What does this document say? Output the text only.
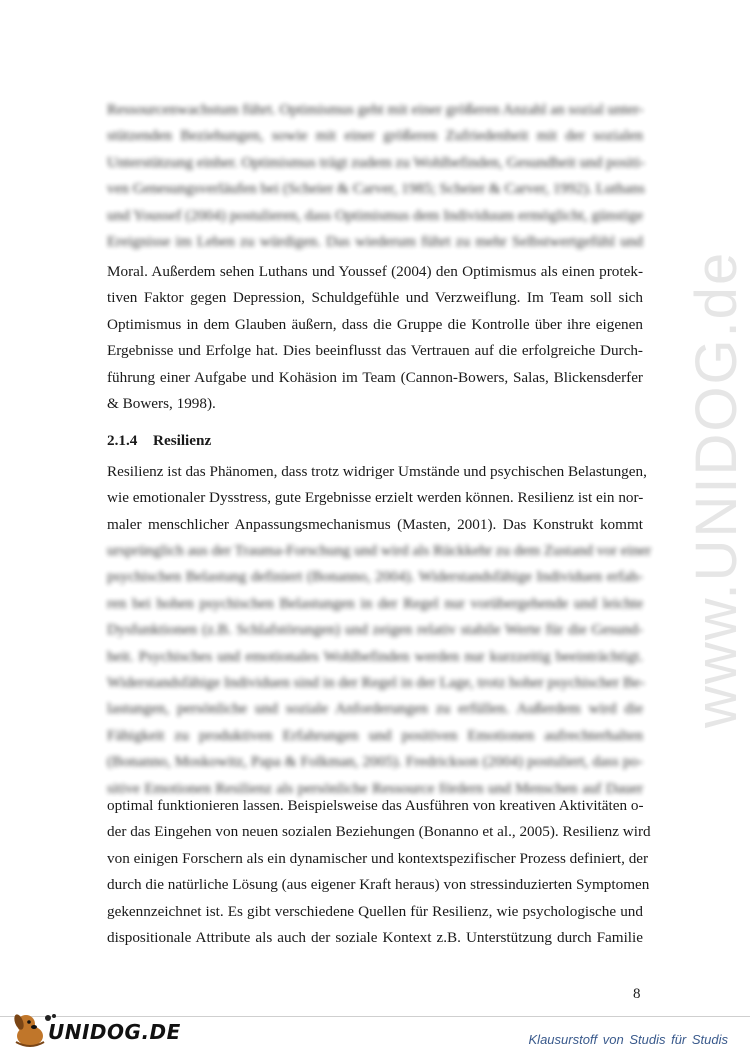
www.UNIDOG.de
Ressourcenwachstum führt. Optimismus geht mit einer größeren Anzahl an sozial unter-
stützenden Beziehungen, sowie mit einer größeren Zufriedenheit mit der sozialen
Unterstützung einher. Optimismus trägt zudem zu Wohlbefinden, Gesundheit und positi-
ven Genesungsverläufen bei (Scheier & Carver, 1985; Scheier & Carver, 1992). Luthans
und Youssef (2004) postulieren, dass Optimismus dem Individuum ermöglicht, günstige
Ereignisse im Leben zu würdigen. Das wiederum führt zu mehr Selbstwertgefühl und
Moral. Außerdem sehen Luthans und Youssef (2004) den Optimismus als einen protek-
tiven Faktor gegen Depression, Schuldgefühle und Verzweiflung. Im Team soll sich
Optimismus in dem Glauben äußern, dass die Gruppe die Kontrolle über ihre eigenen
Ergebnisse und Erfolge hat. Dies beeinflusst das Vertrauen auf die erfolgreiche Durch-
führung einer Aufgabe und Kohäsion im Team (Cannon-Bowers, Salas, Blickensderfer
& Bowers, 1998).
2.1.4 Resilienz
Resilienz ist das Phänomen, dass trotz widriger Umstände und psychischen Belastungen,
wie emotionaler Dysstress, gute Ergebnisse erzielt werden können. Resilienz ist ein nor-
maler menschlicher Anpassungsmechanismus (Masten, 2001). Das Konstrukt kommt
ursprünglich aus der Trauma-Forschung und wird als Rückkehr zu dem Zustand vor einer
psychischen Belastung definiert (Bonanno, 2004). Widerstandsfähige Individuen erfah-
ren bei hohen psychischen Belastungen in der Regel nur vorübergehende und leichte
Dysfunktionen (z.B. Schlafstörungen) und zeigen relativ stabile Werte für die Gesund-
heit. Psychisches und emotionales Wohlbefinden werden nur kurzzeitig beeinträchtigt.
Widerstandsfähige Individuen sind in der Regel in der Lage, trotz hoher psychischer Be-
lastungen, persönliche und soziale Anforderungen zu erfüllen. Außerdem wird die
Fähigkeit zu produktiven Erfahrungen und positiven Emotionen aufrechterhalten
(Bonanno, Moskowitz, Papa & Folkman, 2005). Fredrickson (2004) postuliert, dass po-
sitive Emotionen Resilienz als persönliche Ressource fördern und Menschen auf Dauer
optimal funktionieren lassen. Beispielsweise das Ausführen von kreativen Aktivitäten o-
der das Eingehen von neuen sozialen Beziehungen (Bonanno et al., 2005). Resilienz wird
von einigen Forschern als ein dynamischer und kontextspezifischer Prozess definiert, der
durch die natürliche Lösung (aus eigener Kraft heraus) von stressinduzierten Symptomen
gekennzeichnet ist. Es gibt verschiedene Quellen für Resilienz, wie psychologische und
dispositionale Attribute als auch der soziale Kontext z.B. Unterstützung durch Familie
8
UNIDOG.DE	Klausurstoff von Studis für Studis
